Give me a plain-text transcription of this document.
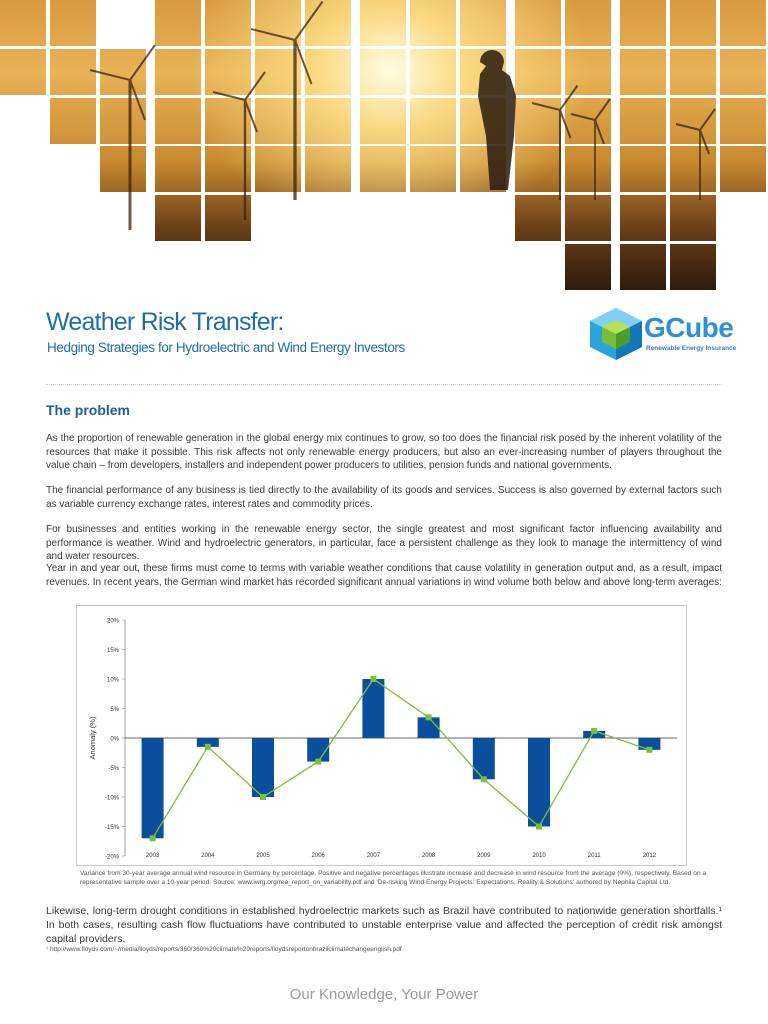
Weather Risk Transfer:

Hedging Strategies for Hydroelectric and Wind Energy Investors

GCube
Renewable Energy Insurance
The problem

As the proportion of renewable generation in the global energy mix continues to grow, so too does the financial risk posed by the inherent volatility of the resources that make it possible. This risk affects not only renewable energy producers, but also an ever-increasing number of players throughout the value chain – from developers, installers and independent power producers to utilities, pension funds and national governments.

The financial performance of any business is tied directly to the availability of its goods and services. Success is also governed by external factors such as variable currency exchange rates, interest rates and commodity prices.

For businesses and entities working in the renewable energy sector, the single greatest and most significant factor influencing availability and performance is weather. Wind and hydroelectric generators, in particular, face a persistent challenge as they look to manage the intermittency of wind and water resources.

Year in and year out, these firms must come to terms with variable weather conditions that cause volatility in generation output and, as a result, impact revenues. In recent years, the German wind market has recorded significant annual variations in wind volume both below and above long-term averages:

20%
15%
10%
5%
0%
-5%
-10%
-15%
-20%
Anomaly (%)
2003	2004	2005	2006	2007	2008	2009	2010	2011	2012

Variance from 30-year average annual wind resource in Germany by percentage. Positive and negative percentages illustrate increase and decrease in wind resource from the average (0%), respectively. Based on a representative sample over a 10-year period. Source: www.iwrg.org/rea_report_on_variability.pdf and 'De-risking Wind Energy Projects: Expectations, Reality & Solutions' authored by Nephila Capital Ltd.

Likewise, long-term drought conditions in established hydroelectric markets such as Brazil have contributed to nationwide generation shortfalls.¹ In both cases, resulting cash flow fluctuations have contributed to unstable enterprise value and affected the perception of credit risk amongst capital providers.

¹ http://www.lloyds.com/~/media/lloyds/reports/360/360%20climate%20reports/lloydsreportonbrazilclimatechangeenglish.pdf

Our Knowledge, Your Power
